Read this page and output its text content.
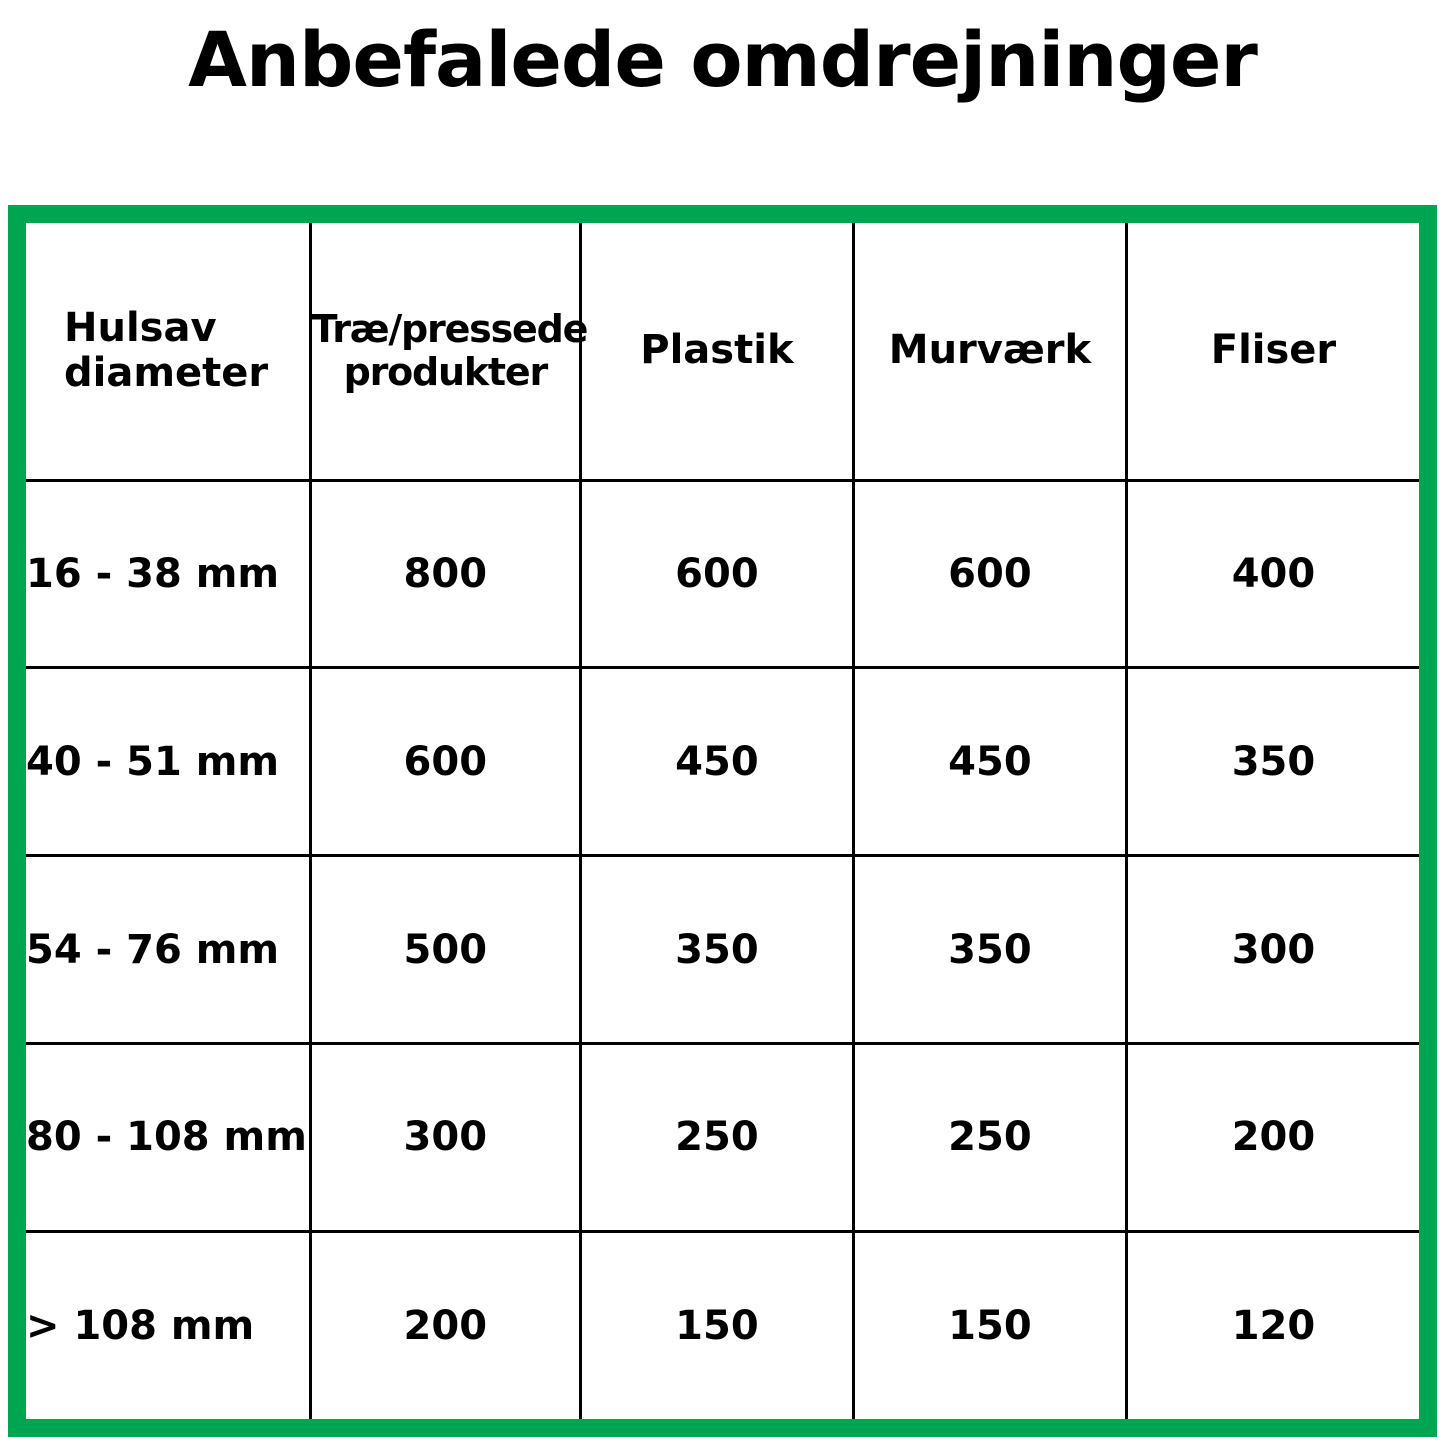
Anbefalede omdrejninger
Hulsav diameter	Træ/pressede produkter	Plastik	Murværk	Fliser
16 - 38 mm	800	600	600	400
40 - 51 mm	600	450	450	350
54 - 76 mm	500	350	350	300
80 - 108 mm	300	250	250	200
> 108 mm	200	150	150	120
